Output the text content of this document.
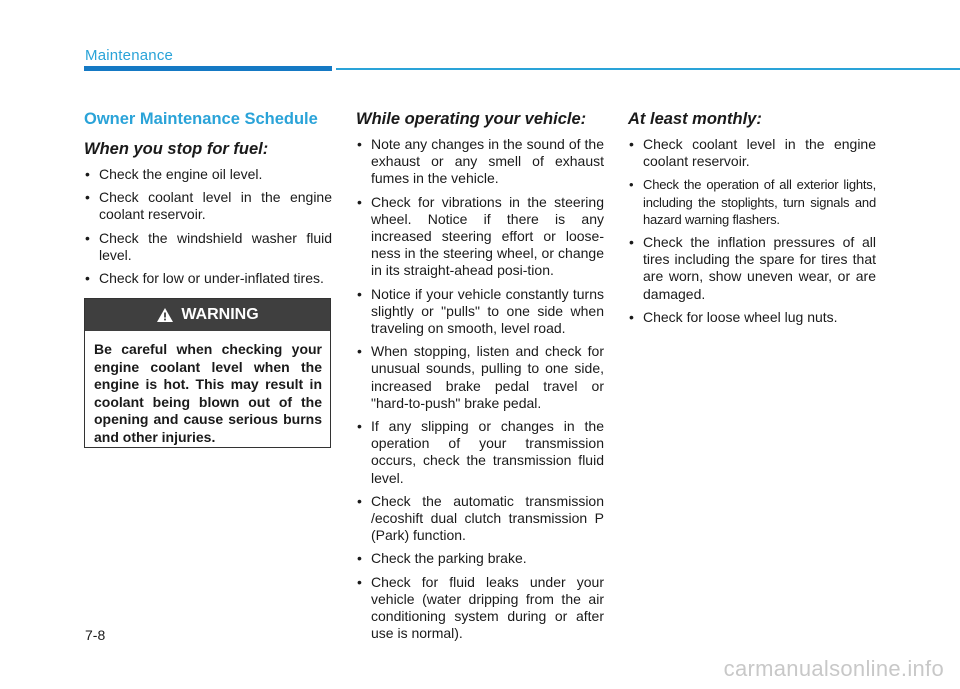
Maintenance
Owner Maintenance Schedule
When you stop for fuel:
• Check the engine oil level.
• Check coolant level in the engine coolant reservoir.
• Check the windshield washer fluid level.
• Check for low or under-inflated tires.
WARNING
Be careful when checking your engine coolant level when the engine is hot. This may result in coolant being blown out of the opening and cause serious burns and other injuries.
While operating your vehicle:
• Note any changes in the sound of the exhaust or any smell of exhaust fumes in the vehicle.
• Check for vibrations in the steering wheel. Notice if there is any increased steering effort or loose-ness in the steering wheel, or change in its straight-ahead posi-tion.
• Notice if your vehicle constantly turns slightly or "pulls" to one side when traveling on smooth, level road.
• When stopping, listen and check for unusual sounds, pulling to one side, increased brake pedal travel or "hard-to-push" brake pedal.
• If any slipping or changes in the operation of your transmission occurs, check the transmission fluid level.
• Check the automatic transmission /ecoshift dual clutch transmission P (Park) function.
• Check the parking brake.
• Check for fluid leaks under your vehicle (water dripping from the air conditioning system during or after use is normal).
At least monthly:
• Check coolant level in the engine coolant reservoir.
• Check the operation of all exterior lights, including the stoplights, turn signals and hazard warning flashers.
• Check the inflation pressures of all tires including the spare for tires that are worn, show uneven wear, or are damaged.
• Check for loose wheel lug nuts.
7-8
carmanualsonline.info
